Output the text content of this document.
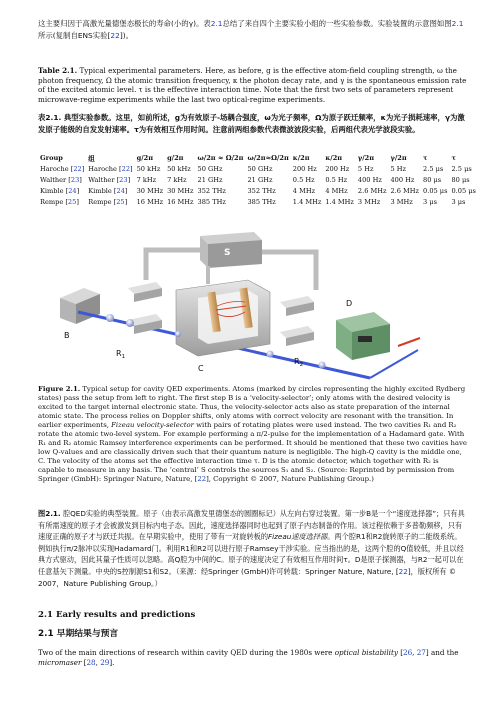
这主要归因于高激光量德堡态极长的寿命(小的γ)。表2.1总结了来自四个主要实验小组的一些实验参数。实验装置的示意图如图2.1所示(复制自ENS实验[22])。
Table 2.1. Typical experimental parameters. Here, as before, g is the effective atom-field coupling strength, ω the photon frequency, Ω the atomic transition frequency, κ the photon decay rate, and γ is the spontaneous emission rate of the excited atomic level. τ is the effective interaction time. Note that the first two sets of parameters represent microwave-regime experiments while the last two optical-regime experiments.
表2.1. 典型实验参数。这里，如前所述，g为有效原子-场耦合强度，ω为光子频率，Ω为原子跃迁频率，κ为光子损耗速率，γ为激发原子能级的自发发射速率。τ为有效相互作用时间。注意前两组参数代表微波波段实验，后两组代表光学波段实验。
Group	组	g/2π	g/2π	ω/2π ≈ Ω/2π	ω/2π≈Ω/2π	κ/2π	κ/2π	γ/2π	γ/2π	τ	τ
Haroche [22]	Haroche [22]	50 kHz	50 kHz	50 GHz	50 GHz	200 Hz	200 Hz	5 Hz	5 Hz	2.5 μs	2.5 μs
Walther [23]	Walther [23]	7 kHz	7 kHz	21 GHz	21 GHz	0.5 Hz	0.5 Hz	400 Hz	400 Hz	80 μs	80 μs
Kimble [24]	Kimble [24]	30 MHz	30 MHz	352 THz	352 THz	4 MHz	4 MHz	2.6 MHz	2.6 MHz	0.05 μs	0.05 μs
Rempe [25]	Rempe [25]	16 MHz	16 MHz	385 THz	385 THz	1.4 MHz	1.4 MHz	3 MHz	3 MHz	3 μs	3 μs
S
B
$R_1$
C
$R_2$
D
Figure 2.1. Typical setup for cavity QED experiments. Atoms (marked by circles representing the highly excited Rydberg states) pass the setup from left to right. The first step B is a ‘velocity-selector’; only atoms with the desired velocity is excited to the target internal electronic state. Thus, the velocity-selector acts also as state preparation of the internal atomic state. The process relies on Doppler shifts, only atoms with correct velocity are resonant with the transition. In earlier experiments, Fizeau velocity-selector with pairs of rotating plates were used instead. The two cavities R₁ and R₂ rotate the atomic two-level system. For example performing a π/2-pulse for the implementation of a Hadamard gate. With R₁ and R₂ atomic Ramsey interference experiments can be performed. It should be mentioned that these two cavities have low Q-values and are classically driven such that their quantum nature is negligible. The high-Q cavity is the middle one, C. The velocity of the atoms set the effective interaction time τ. D is the atomic detector, which together with R₂ is capable to measure in any basis. The ‘central’ S controls the sources S₁ and S₂. (Source: Reprinted by permission from Springer (GmbH): Springer Nature, Nature, [22], Copyright © 2007, Nature Publishing Group.)
图2.1. 腔QED实验的典型装置。原子（由表示高激发里德堡态的圆圈标记）从左向右穿过装置。第一步B是一个“速度选择器”；只有具有所需速度的原子才会被激发到目标内电子态。因此，速度选择器同时也起到了原子内态制备的作用。该过程依赖于多普勒频移，只有速度正确的原子才与跃迁共振。在早期实验中，使用了带有一对旋转板的Fizeau速度选择器。两个腔R1和R2旋转原子的二能级系统。例如执行π/2脉冲以实现Hadamard门。利用R1和R2可以进行原子Ramsey干涉实验。应当指出的是，这两个腔的Q值较低，并且以经典方式驱动，因此其量子性质可以忽略。高Q腔为中间的C。原子的速度决定了有效相互作用时间τ。D是原子探测器，与R2一起可以在任意基矢下测量。中央的S控制源S1和S2。（来源：经Springer (GmbH)许可转载：Springer Nature, Nature, [22]，版权所有 © 2007，Nature Publishing Group。）
2.1 Early results and predictions
2.1 早期结果与预言
Two of the main directions of research within cavity QED during the 1980s were optical bistability [26, 27] and the micromaser [28, 29].
